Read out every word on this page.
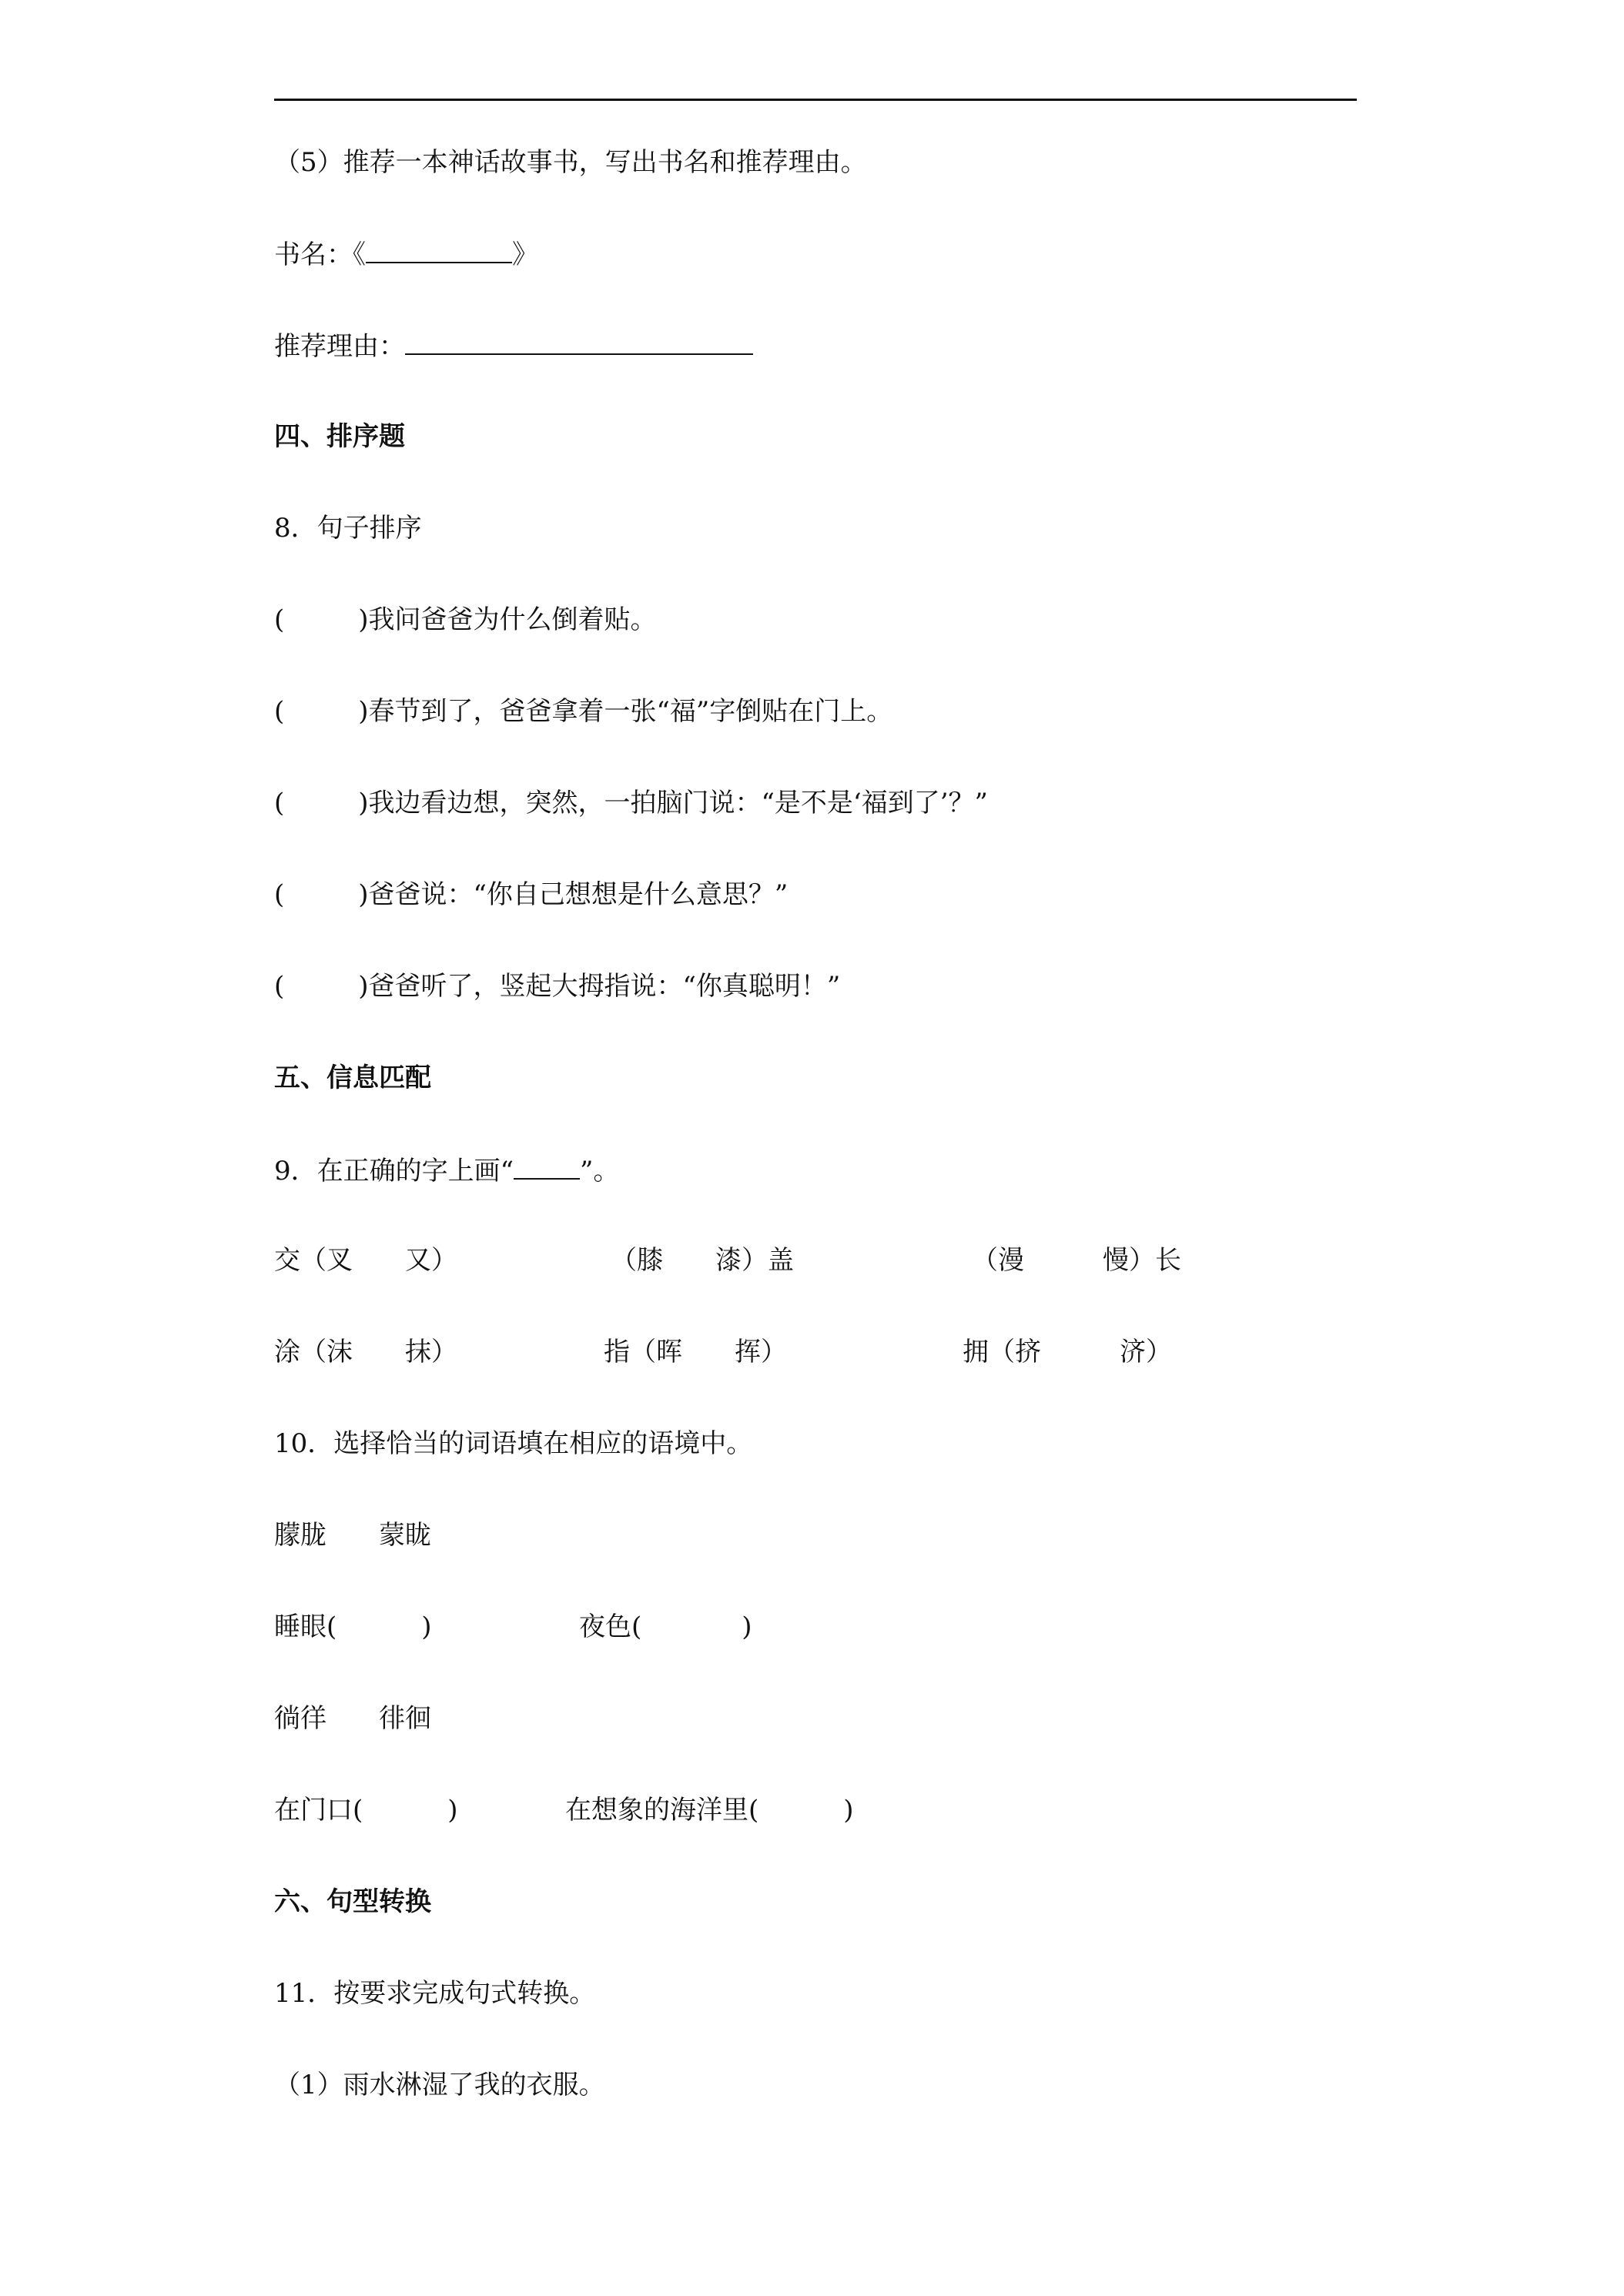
（5）推荐一本神话故事书，写出书名和推荐理由。
书名：《	》
推荐理由：
四、排序题
8．句子排序
(	)我问爸爸为什么倒着贴。
(	)春节到了，爸爸拿着一张“福”字倒贴在门上。
(	)我边看边想，突然，一拍脑门说：“是不是‘福到了’？”
(	)爸爸说：“你自己想想是什么意思？”
(	)爸爸听了，竖起大拇指说：“你真聪明！”
五、信息匹配
9．在正确的字上画“	”。
交（叉　　又）	（膝　　漆）盖	（漫　　　慢）长
涂（沫　　抹）	指（晖　　挥）	拥（挤　　　济）
10．选择恰当的词语填在相应的语境中。
朦胧　　蒙眬
睡眼(	)	夜色(	)
徜徉　　徘徊
在门口(	)	在想象的海洋里(	)
六、句型转换
11．按要求完成句式转换。
（1）雨水淋湿了我的衣服。
